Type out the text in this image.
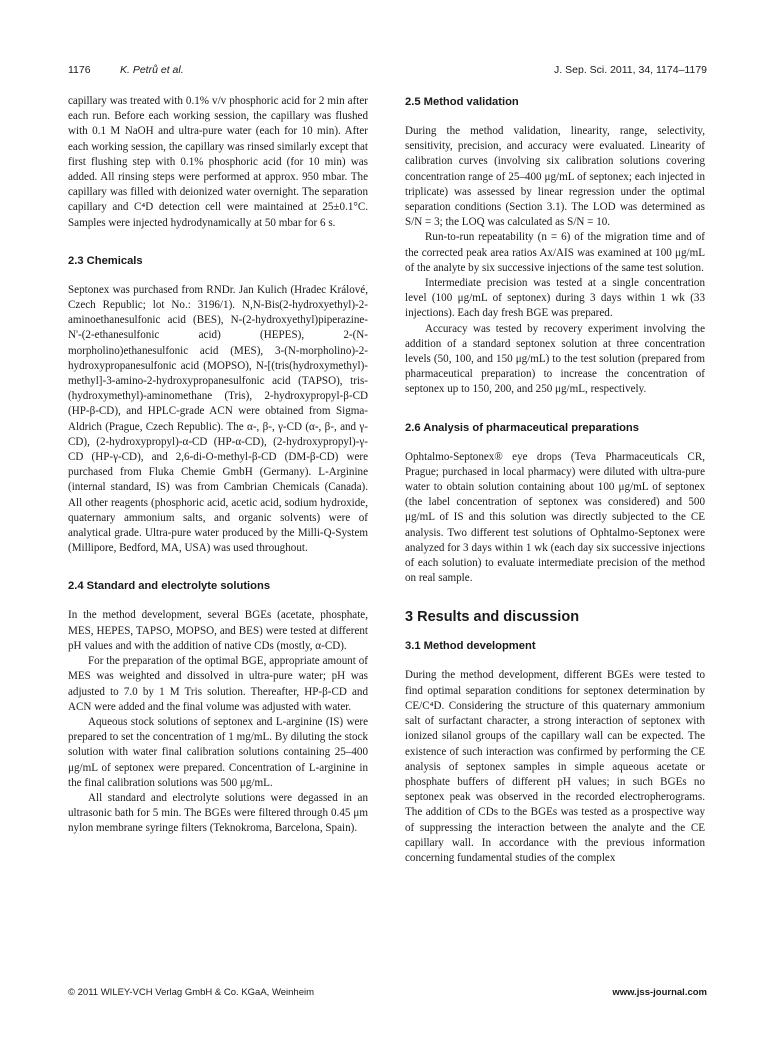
1176	K. Petrů et al.	J. Sep. Sci. 2011, 34, 1174–1179

capillary was treated with 0.1% v/v phosphoric acid for 2 min after each run. Before each working session, the capillary was flushed with 0.1 M NaOH and ultra-pure water (each for 10 min). After each working session, the capillary was rinsed similarly except that first flushing step with 0.1% phosphoric acid (for 10 min) was added. All rinsing steps were performed at approx. 950 mbar. The capillary was filled with deionized water overnight. The separation capillary and C⁴D detection cell were maintained at 25±0.1°C. Samples were injected hydrodynamically at 50 mbar for 6 s.

2.3 Chemicals

Septonex was purchased from RNDr. Jan Kulich (Hradec Králové, Czech Republic; lot No.: 3196/1). N,N-Bis(2-hydroxyethyl)-2-aminoethanesulfonic acid (BES), N-(2-hydroxyethyl)piperazine-N'-(2-ethanesulfonic acid) (HEPES), 2-(N-morpholino)ethanesulfonic acid (MES), 3-(N-morpholino)-2-hydroxypropanesulfonic acid (MOPSO), N-[(tris(hydroxymethyl)-methyl]-3-amino-2-hydroxypropanesulfonic acid (TAPSO), tris-(hydroxymethyl)-aminomethane (Tris), 2-hydroxypropyl-β-CD (HP-β-CD), and HPLC-grade ACN were obtained from Sigma-Aldrich (Prague, Czech Republic). The α-, β-, γ-CD (α-, β-, and γ-CD), (2-hydroxypropyl)-α-CD (HP-α-CD), (2-hydroxypropyl)-γ-CD (HP-γ-CD), and 2,6-di-O-methyl-β-CD (DM-β-CD) were purchased from Fluka Chemie GmbH (Germany). L-Arginine (internal standard, IS) was from Cambrian Chemicals (Canada). All other reagents (phosphoric acid, acetic acid, sodium hydroxide, quaternary ammonium salts, and organic solvents) were of analytical grade. Ultra-pure water produced by the Milli-Q-System (Millipore, Bedford, MA, USA) was used throughout.

2.4 Standard and electrolyte solutions

In the method development, several BGEs (acetate, phosphate, MES, HEPES, TAPSO, MOPSO, and BES) were tested at different pH values and with the addition of native CDs (mostly, α-CD).

For the preparation of the optimal BGE, appropriate amount of MES was weighted and dissolved in ultra-pure water; pH was adjusted to 7.0 by 1 M Tris solution. Thereafter, HP-β-CD and ACN were added and the final volume was adjusted with water.

Aqueous stock solutions of septonex and L-arginine (IS) were prepared to set the concentration of 1 mg/mL. By diluting the stock solution with water final calibration solutions containing 25–400 μg/mL of septonex were prepared. Concentration of L-arginine in the final calibration solutions was 500 μg/mL.

All standard and electrolyte solutions were degassed in an ultrasonic bath for 5 min. The BGEs were filtered through 0.45 μm nylon membrane syringe filters (Teknokroma, Barcelona, Spain).

2.5 Method validation

During the method validation, linearity, range, selectivity, sensitivity, precision, and accuracy were evaluated. Linearity of calibration curves (involving six calibration solutions covering concentration range of 25–400 μg/mL of septonex; each injected in triplicate) was assessed by linear regression under the optimal separation conditions (Section 3.1). The LOD was determined as S/N = 3; the LOQ was calculated as S/N = 10.

Run-to-run repeatability (n = 6) of the migration time and of the corrected peak area ratios Ax/AIS was examined at 100 μg/mL of the analyte by six successive injections of the same test solution.

Intermediate precision was tested at a single concentration level (100 μg/mL of septonex) during 3 days within 1 wk (33 injections). Each day fresh BGE was prepared.

Accuracy was tested by recovery experiment involving the addition of a standard septonex solution at three concentration levels (50, 100, and 150 μg/mL) to the test solution (prepared from pharmaceutical preparation) to increase the concentration of septonex up to 150, 200, and 250 μg/mL, respectively.

2.6 Analysis of pharmaceutical preparations

Ophtalmo-Septonex® eye drops (Teva Pharmaceuticals CR, Prague; purchased in local pharmacy) were diluted with ultra-pure water to obtain solution containing about 100 μg/mL of septonex (the label concentration of septonex was considered) and 500 μg/mL of IS and this solution was directly subjected to the CE analysis. Two different test solutions of Ophtalmo-Septonex were analyzed for 3 days within 1 wk (each day six successive injections of each solution) to evaluate intermediate precision of the method on real sample.

3 Results and discussion
3.1 Method development

During the method development, different BGEs were tested to find optimal separation conditions for septonex determination by CE/C⁴D. Considering the structure of this quaternary ammonium salt of surfactant character, a strong interaction of septonex with ionized silanol groups of the capillary wall can be expected. The existence of such interaction was confirmed by performing the CE analysis of septonex samples in simple aqueous acetate or phosphate buffers of different pH values; in such BGEs no septonex peak was observed in the recorded electropherograms. The addition of CDs to the BGEs was tested as a prospective way of suppressing the interaction between the analyte and the CE capillary wall. In accordance with the previous information concerning fundamental studies of the complex

© 2011 WILEY-VCH Verlag GmbH & Co. KGaA, Weinheim	www.jss-journal.com
